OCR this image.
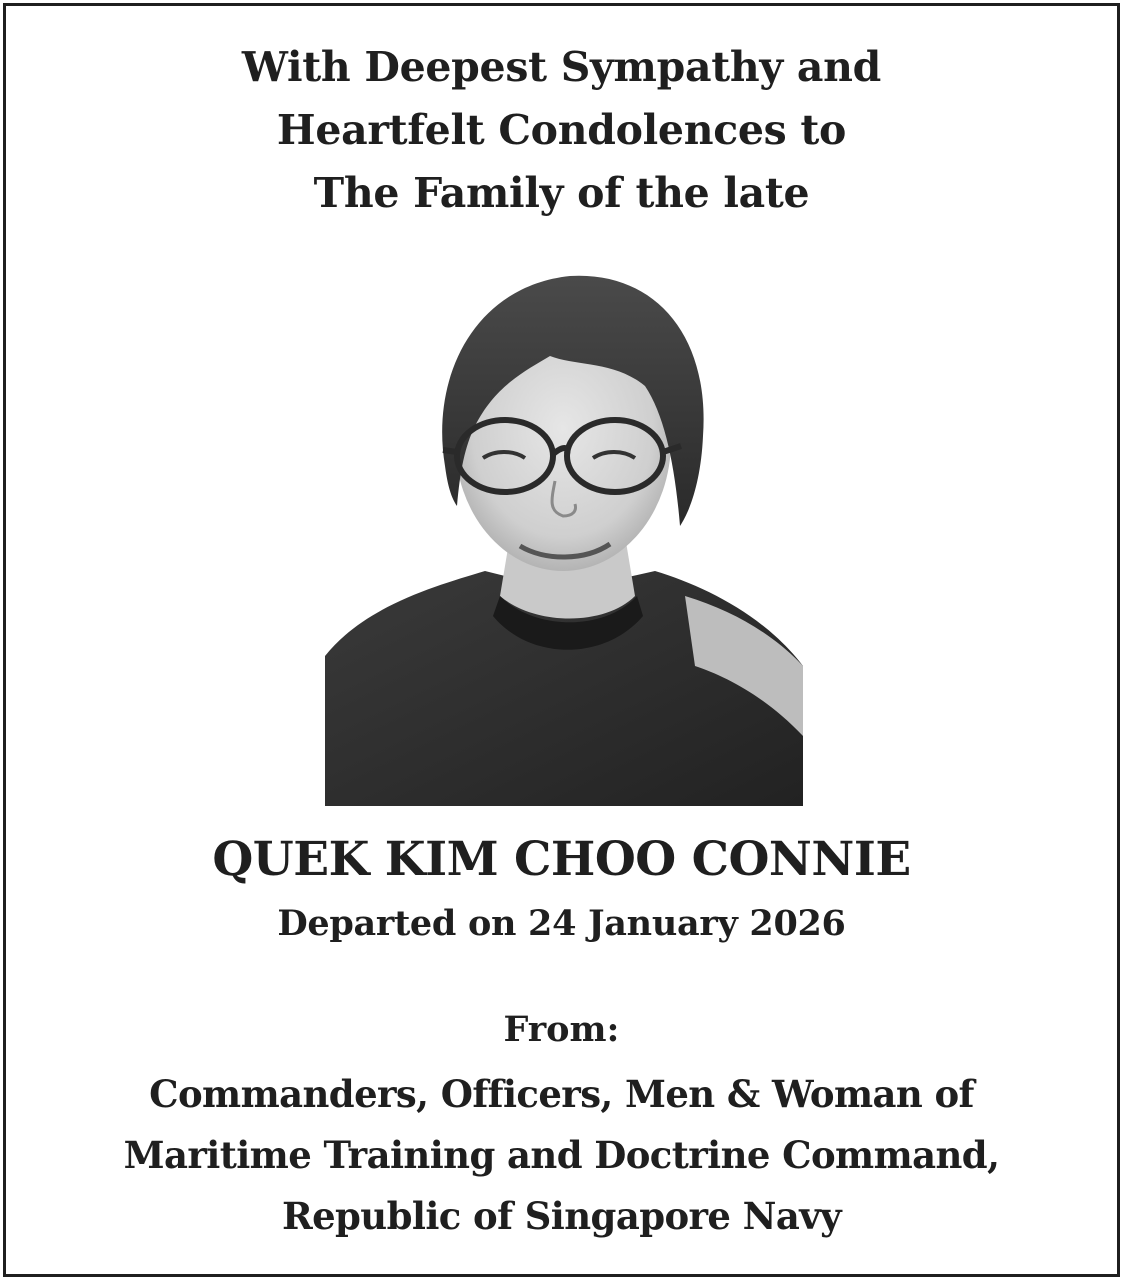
With Deepest Sympathy and
Heartfelt Condolences to
The Family of the late
QUEK KIM CHOO CONNIE
Departed on 24 January 2026
From:
Commanders, Officers, Men & Woman of
Maritime Training and Doctrine Command,
Republic of Singapore Navy
